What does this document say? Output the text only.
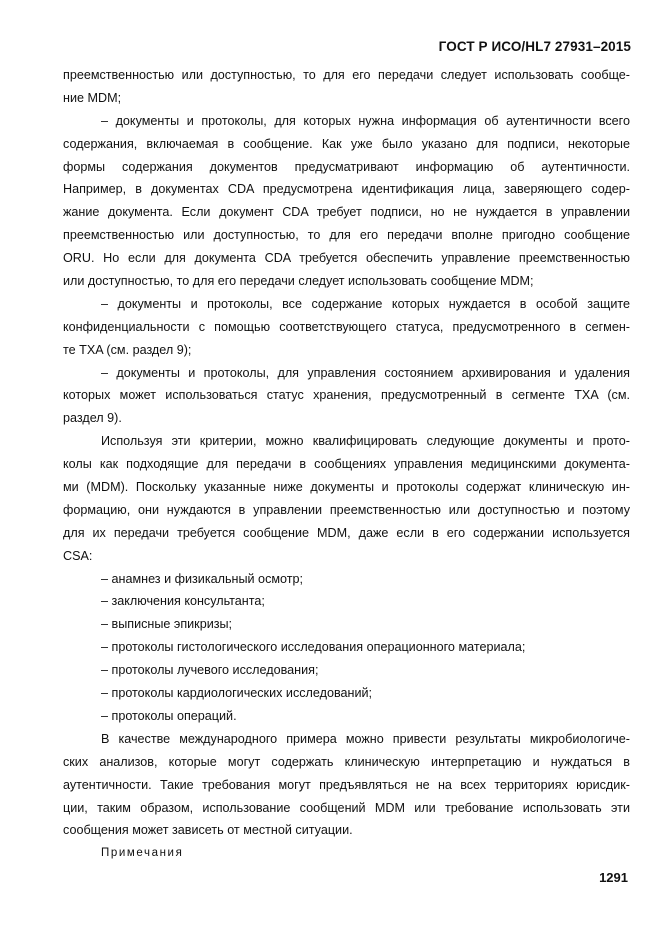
ГОСТ Р ИСО/HL7 27931–2015
преемственностью или доступностью, то для его передачи следует использовать сообще-
ние MDM;
– документы и протоколы, для которых нужна информация об аутентичности всего
содержания, включаемая в сообщение. Как уже было указано для подписи, некоторые
формы содержания документов предусматривают информацию об аутентичности.
Например, в документах CDA предусмотрена идентификация лица, заверяющего содер-
жание документа. Если документ CDA требует подписи, но не нуждается в управлении
преемственностью или доступностью, то для его передачи вполне пригодно сообщение
ORU. Но если для документа CDA требуется обеспечить управление преемственностью
или доступностью, то для его передачи следует использовать сообщение MDM;
– документы и протоколы, все содержание которых нуждается в особой защите
конфиденциальности с помощью соответствующего статуса, предусмотренного в сегмен-
те TXA (см. раздел 9);
– документы и протоколы, для управления состоянием архивирования и удаления
которых может использоваться статус хранения, предусмотренный в сегменте TXA (см.
раздел 9).
Используя эти критерии, можно квалифицировать следующие документы и прото-
колы как подходящие для передачи в сообщениях управления медицинскими документа-
ми (MDM). Поскольку указанные ниже документы и протоколы содержат клиническую ин-
формацию, они нуждаются в управлении преемственностью или доступностью и поэтому
для их передачи требуется сообщение MDM, даже если в его содержании используется
CSA:
– анамнез и физикальный осмотр;
– заключения консультанта;
– выписные эпикризы;
– протоколы гистологического исследования операционного материала;
– протоколы лучевого исследования;
– протоколы кардиологических исследований;
– протоколы операций.
В качестве международного примера можно привести результаты микробиологиче-
ских анализов, которые могут содержать клиническую интерпретацию и нуждаться в
аутентичности. Такие требования могут предъявляться не на всех территориях юрисдик-
ции, таким образом, использование сообщений MDM или требование использовать эти
сообщения может зависеть от местной ситуации.
Примечания
1291
